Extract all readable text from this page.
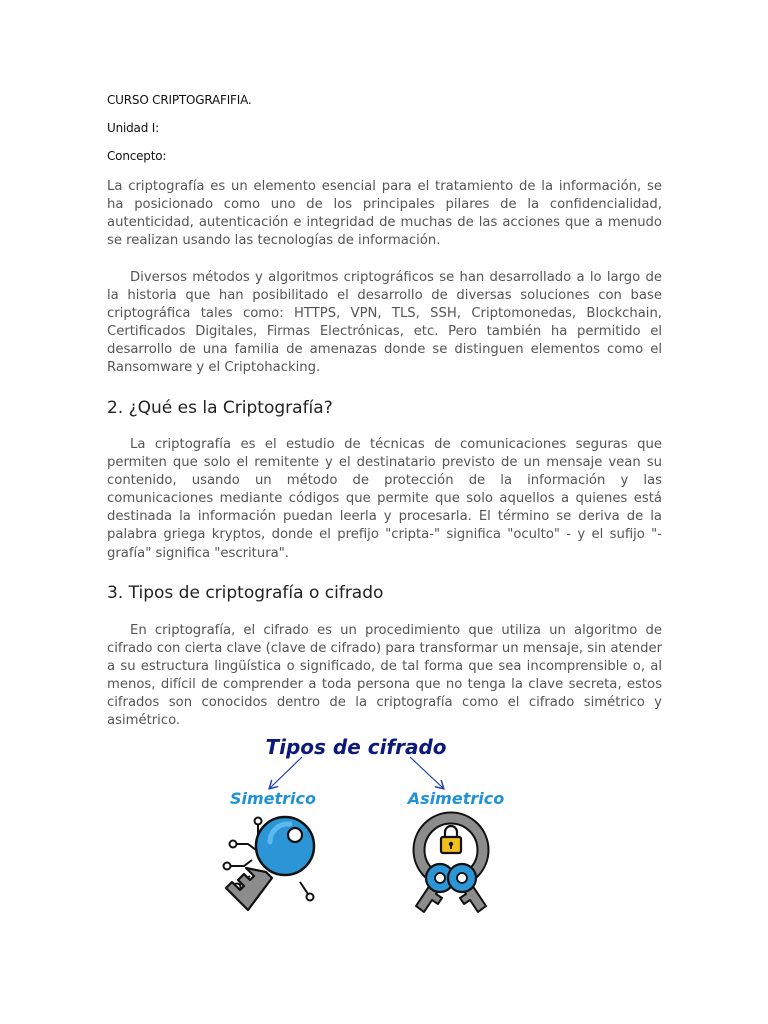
CURSO CRIPTOGRAFIFIA.
Unidad I:
Concepto:

La criptografía es un elemento esencial para el tratamiento de la información, se ha posicionado como uno de los principales pilares de la confidencialidad, autenticidad, autenticación e integridad de muchas de las acciones que a menudo se realizan usando las tecnologías de información.

Diversos métodos y algoritmos criptográficos se han desarrollado a lo largo de la historia que han posibilitado el desarrollo de diversas soluciones con base criptográfica tales como: HTTPS, VPN, TLS, SSH, Criptomonedas, Blockchain, Certificados Digitales, Firmas Electrónicas, etc. Pero también ha permitido el desarrollo de una familia de amenazas donde se distinguen elementos como el Ransomware y el Criptohacking.

2. ¿Qué es la Criptografía?

La criptografía es el estudio de técnicas de comunicaciones seguras que permiten que solo el remitente y el destinatario previsto de un mensaje vean su contenido, usando un método de protección de la información y las comunicaciones mediante códigos que permite que solo aquellos a quienes está destinada la información puedan leerla y procesarla. El término se deriva de la palabra griega kryptos, donde el prefijo "cripta-" significa "oculto" - y el sufijo "-grafía" significa "escritura".

3. Tipos de criptografía o cifrado

En criptografía, el cifrado es un procedimiento que utiliza un algoritmo de cifrado con cierta clave (clave de cifrado) para transformar un mensaje, sin atender a su estructura lingüística o significado, de tal forma que sea incomprensible o, al menos, difícil de comprender a toda persona que no tenga la clave secreta, estos cifrados son conocidos dentro de la criptografía como el cifrado simétrico y asimétrico.

Tipos de cifrado
Simetrico	Asimetrico
